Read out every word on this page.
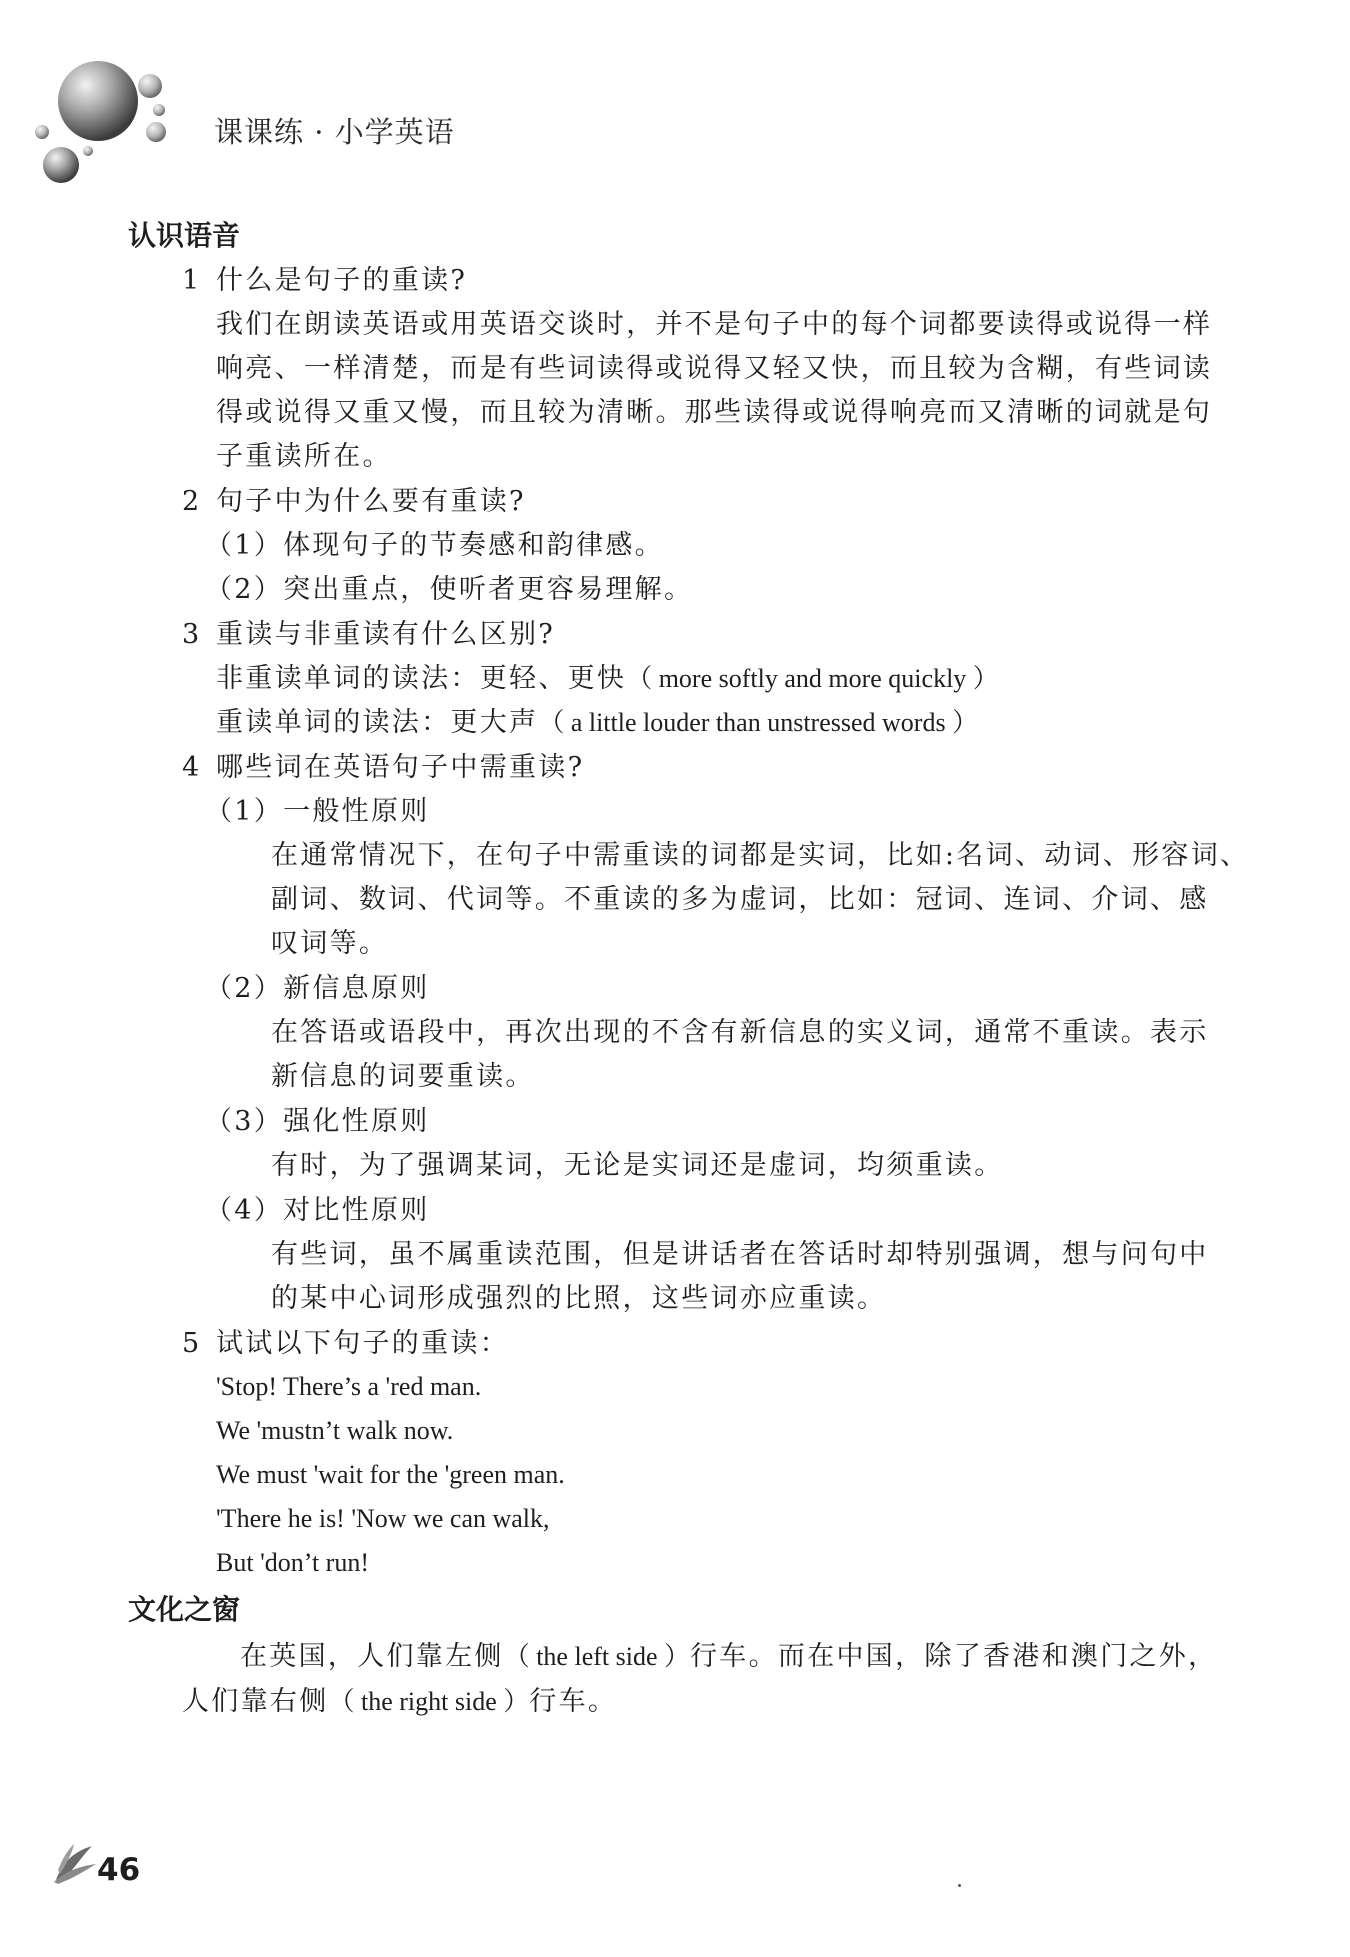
课课练 · 小学英语
认识语音
1 什么是句子的重读?
我们在朗读英语或用英语交谈时，并不是句子中的每个词都要读得或说得一样
响亮、一样清楚，而是有些词读得或说得又轻又快，而且较为含糊，有些词读
得或说得又重又慢，而且较为清晰。那些读得或说得响亮而又清晰的词就是句
子重读所在。
2 句子中为什么要有重读?
（1）体现句子的节奏感和韵律感。
（2）突出重点，使听者更容易理解。
3 重读与非重读有什么区别?
非重读单词的读法：更轻、更快（ more softly and more quickly ）
重读单词的读法：更大声（ a little louder than unstressed words ）
4 哪些词在英语句子中需重读?
（1）一般性原则
在通常情况下，在句子中需重读的词都是实词，比如:名词、动词、形容词、
副词、数词、代词等。不重读的多为虚词，比如：冠词、连词、介词、感
叹词等。
（2）新信息原则
在答语或语段中，再次出现的不含有新信息的实义词，通常不重读。表示
新信息的词要重读。
（3）强化性原则
有时，为了强调某词，无论是实词还是虚词，均须重读。
（4）对比性原则
有些词，虽不属重读范围，但是讲话者在答话时却特别强调，想与问句中
的某中心词形成强烈的比照，这些词亦应重读。
5 试试以下句子的重读：
'Stop! There’s a 'red man.
We 'mustn’t walk now.
We must 'wait for the 'green man.
'There he is! 'Now we can walk,
But 'don’t run!
文化之窗
在英国，人们靠左侧（ the left side ）行车。而在中国，除了香港和澳门之外，
人们靠右侧（ the right side ）行车。
46
